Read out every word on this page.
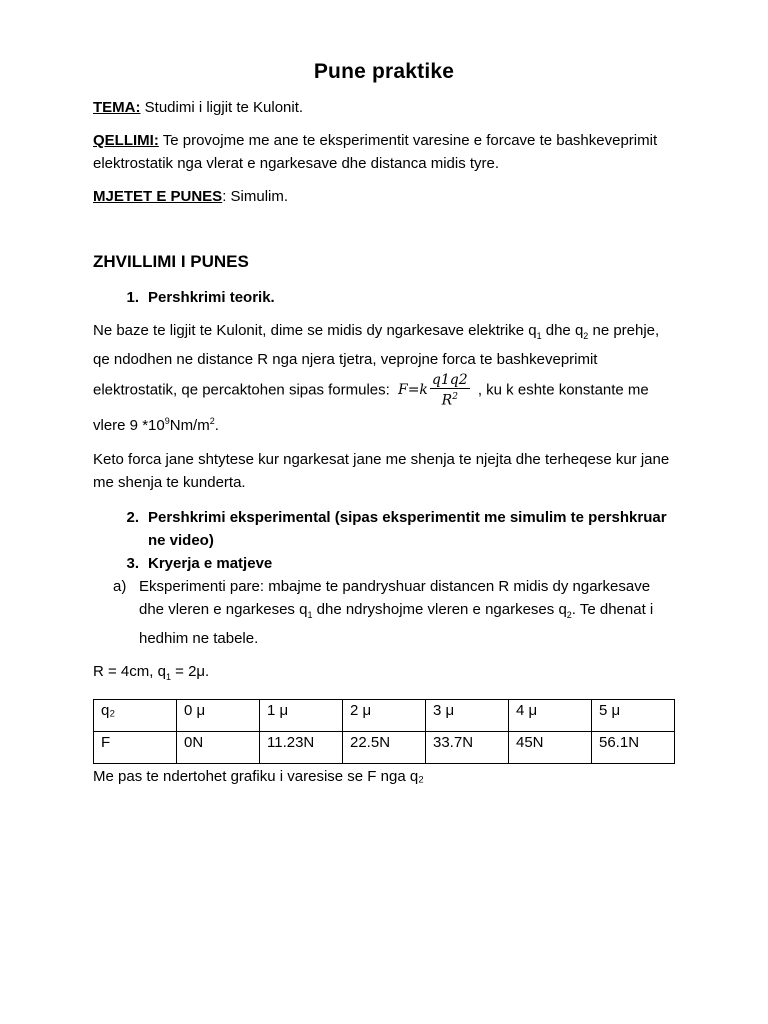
Pune praktike

TEMA: Studimi i ligjit te Kulonit.

QELLIMI: Te provojme me ane te eksperimentit varesine e forcave te bashkeveprimit elektrostatik nga vlerat e ngarkesave dhe distanca midis tyre.

MJETET E PUNES: Simulim.

ZHVILLIMI I PUNES
1. Pershkrimi teorik.

Ne baze te ligjit te Kulonit, dime se midis dy ngarkesave elektrike $q_1$ dhe $q_2$ ne prehje, qe ndodhen ne distance R nga njera tjetra, veprojne forca te bashkeveprimit elektrostatik, qe percaktohen sipas formules: $F=k \frac{q1q2}{R^2}$ , ku k eshte konstante me vlere 9 $*10^9Nm/m^2$.

Keto forca jane shtytese kur ngarkesat jane me shenja te njejta dhe terheqese kur jane me shenja te kunderta.

2. Pershkrimi eksperimental (sipas eksperimentit me simulim te pershkruar ne video)
3. Kryerja e matjeve
a) Eksperimenti pare: mbajme te pandryshuar distancen R midis dy ngarkesave dhe vleren e ngarkeses $q_1$ dhe ndryshojme vleren e ngarkeses $q_2$. Te dhenat i hedhim ne tabele.

R = 4cm, $q_1 = 2\mu$.

q₂	0 μ	1 μ	2 μ	3 μ	4 μ	5 μ
F	0N	11.23N	22.5N	33.7N	45N	56.1N

Me pas te ndertohet grafiku i varesise se F nga q₂
